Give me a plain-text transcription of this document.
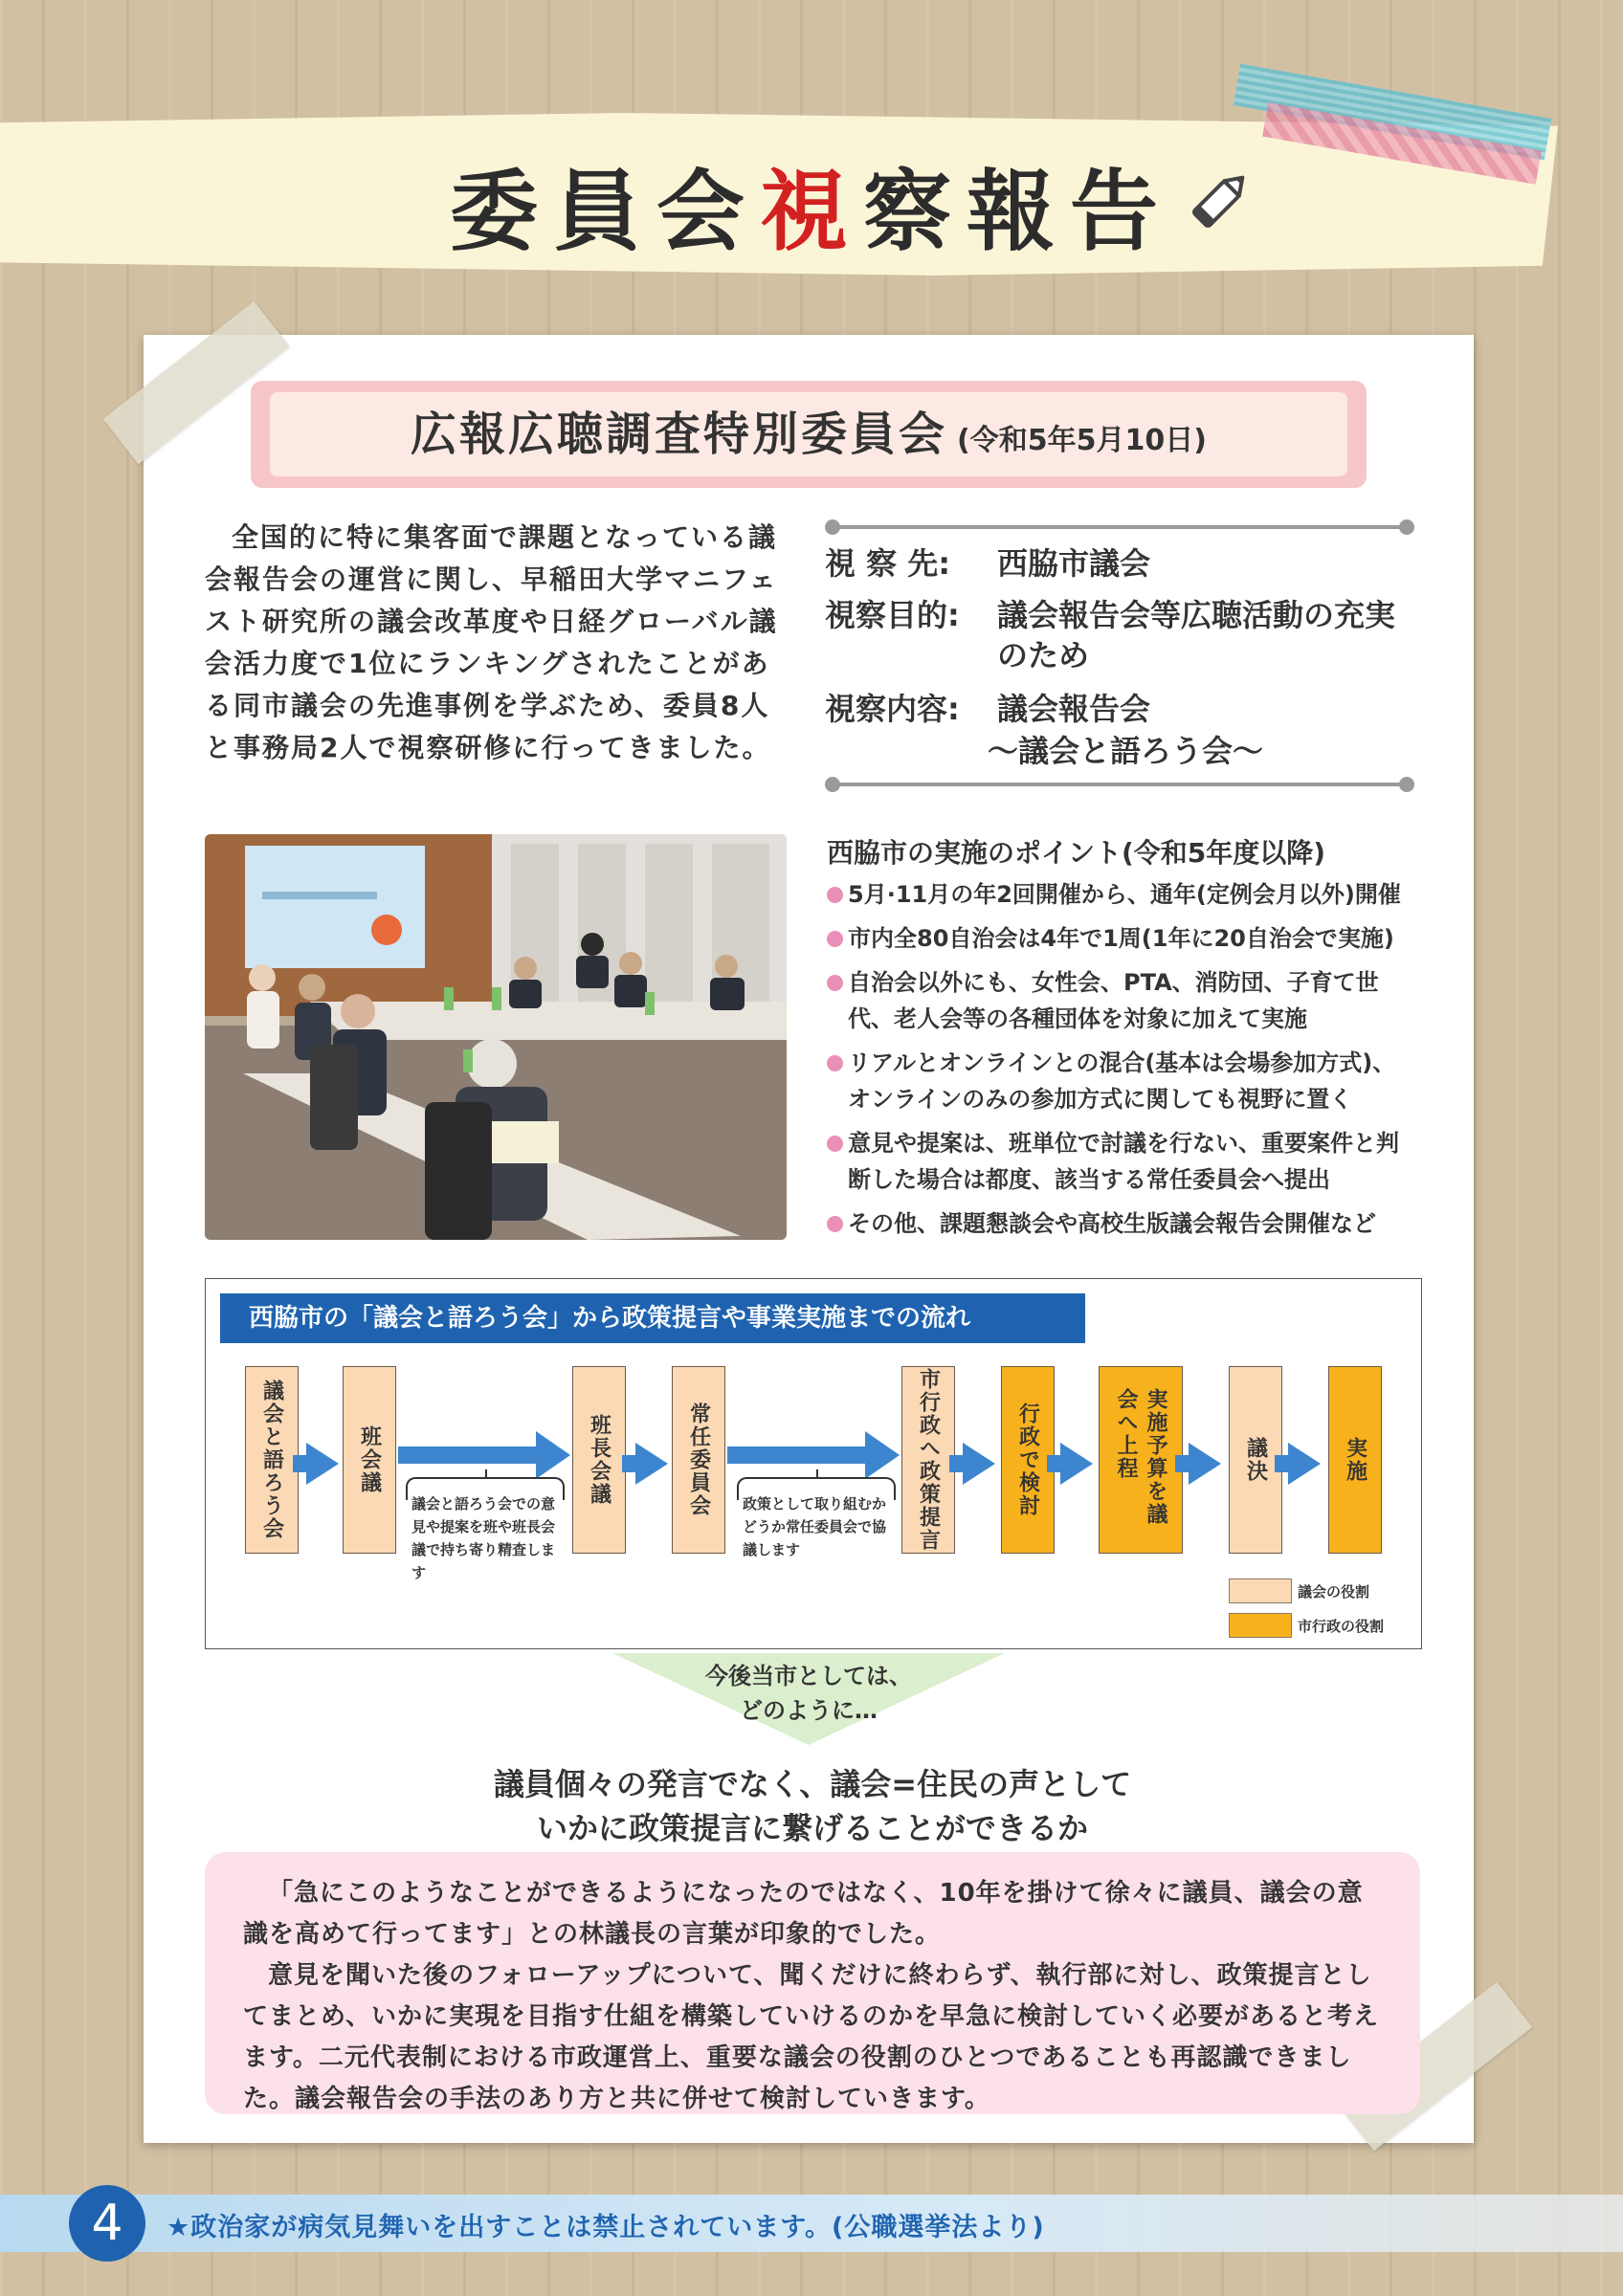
委員会視察報告
広報広聴調査特別委員会 (令和5年5月10日)
全国的に特に集客面で課題となっている議会報告会の運営に関し、早稲田大学マニフェスト研究所の議会改革度や日経グローバル議会活力度で1位にランキングされたことがある同市議会の先進事例を学ぶため、委員8人と事務局2人で視察研修に行ってきました。
視 察 先: 西脇市議会
視察目的: 議会報告会等広聴活動の充実のため
視察内容: 議会報告会
〜議会と語ろう会〜
西脇市の実施のポイント(令和5年度以降)
5月·11月の年2回開催から、通年(定例会月以外)開催
市内全80自治会は4年で1周(1年に20自治会で実施)
自治会以外にも、女性会、PTA、消防団、子育て世代、老人会等の各種団体を対象に加えて実施
リアルとオンラインとの混合(基本は会場参加方式)、オンラインのみの参加方式に関しても視野に置く
意見や提案は、班単位で討議を行ない、重要案件と判断した場合は都度、該当する常任委員会へ提出
その他、課題懇談会や高校生版議会報告会開催など
西脇市の「議会と語ろう会」から政策提言や事業実施までの流れ
議会と語ろう会	班会議	班長会議	常任委員会	市行政へ政策提言	行政で検討	実施予算を議会へ上程	議決	実施
議会と語ろう会での意見や提案を班や班長会議で持ち寄り精査します
政策として取り組むかどうか常任委員会で協議します
議会の役割
市行政の役割
今後当市としては、
どのように…
議員個々の発言でなく、議会=住民の声として
いかに政策提言に繋げることができるか

「急にこのようなことができるようになったのではなく、10年を掛けて徐々に議員、議会の意識を高めて行ってます」との林議長の言葉が印象的でした。

意見を聞いた後のフォローアップについて、聞くだけに終わらず、執行部に対し、政策提言としてまとめ、いかに実現を目指す仕組を構築していけるのかを早急に検討していく必要があると考えます。二元代表制における市政運営上、重要な議会の役割のひとつであることも再認識できました。議会報告会の手法のあり方と共に併せて検討していきます。

4	★政治家が病気見舞いを出すことは禁止されています。(公職選挙法より)
